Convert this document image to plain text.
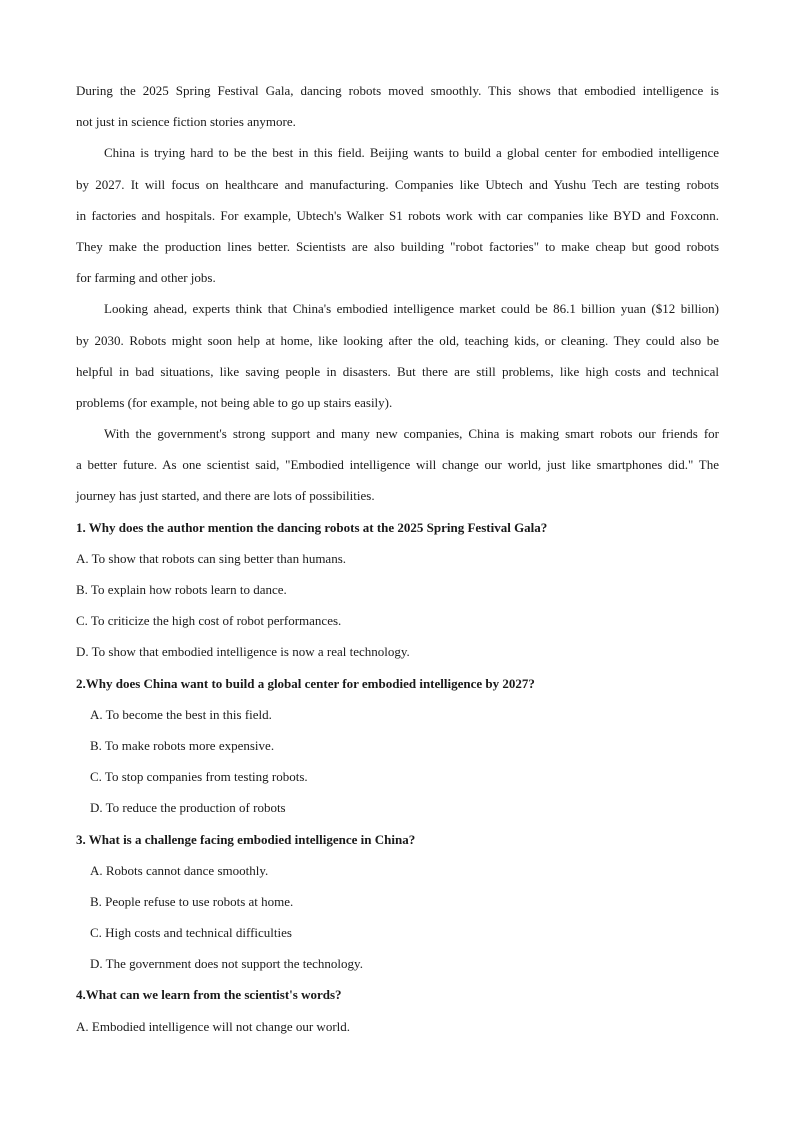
During the 2025 Spring Festival Gala, dancing robots moved smoothly. This shows that embodied intelligence is
not just in science fiction stories anymore.
China is trying hard to be the best in this field. Beijing wants to build a global center for embodied intelligence
by 2027. It will focus on healthcare and manufacturing. Companies like Ubtech and Yushu Tech are testing robots
in factories and hospitals. For example, Ubtech's Walker S1 robots work with car companies like BYD and Foxconn.
They make the production lines better. Scientists are also building "robot factories" to make cheap but good robots
for farming and other jobs.
Looking ahead, experts think that China's embodied intelligence market could be 86.1 billion yuan ($12 billion)
by 2030. Robots might soon help at home, like looking after the old, teaching kids, or cleaning. They could also be
helpful in bad situations, like saving people in disasters. But there are still problems, like high costs and technical
problems (for example, not being able to go up stairs easily).
With the government's strong support and many new companies, China is making smart robots our friends for
a better future. As one scientist said, "Embodied intelligence will change our world, just like smartphones did." The
journey has just started, and there are lots of possibilities.
1. Why does the author mention the dancing robots at the 2025 Spring Festival Gala?
A. To show that robots can sing better than humans.
B. To explain how robots learn to dance.
C. To criticize the high cost of robot performances.
D. To show that embodied intelligence is now a real technology.
2.Why does China want to build a global center for embodied intelligence by 2027?
A. To become the best in this field.
B. To make robots more expensive.
C. To stop companies from testing robots.
D. To reduce the production of robots
3. What is a challenge facing embodied intelligence in China?
A. Robots cannot dance smoothly.
B. People refuse to use robots at home.
C. High costs and technical difficulties
D. The government does not support the technology.
4.What can we learn from the scientist's words?
A. Embodied intelligence will not change our world.
